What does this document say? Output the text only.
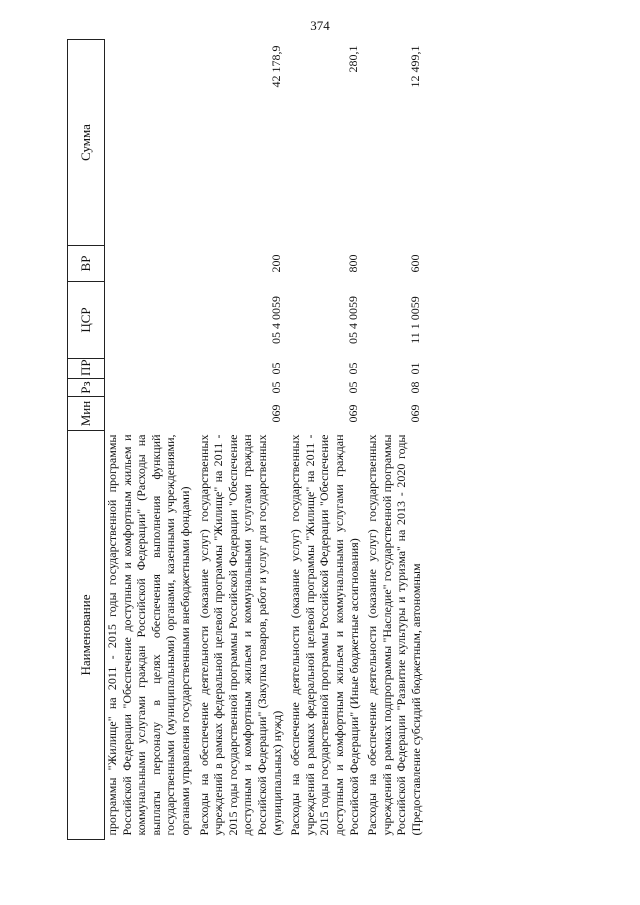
374
Наименование	Мин	Рз	ПР	ЦСР	ВР	Сумма
программы "Жилище" на 2011 - 2015 годы государственной программы Российской Федерации "Обеспечение доступным и комфортным жильем и коммунальными услугами граждан Российской Федерации" (Расходы на выплаты персоналу в целях обеспечения выполнения функций государственными (муниципальными) органами, казенными учреждениями, органами управления государственными внебюджетными фондами)						
Расходы на обеспечение деятельности (оказание услуг) государственных учреждений в рамках федеральной целевой программы "Жилище" на 2011 - 2015 годы государственной программы Российской Федерации "Обеспечение доступным и комфортным жильем и коммунальными услугами граждан Российской Федерации" (Закупка товаров, работ и услуг для государственных (муниципальных) нужд)	069	05	05	05 4 0059	200	42 178,9
Расходы на обеспечение деятельности (оказание услуг) государственных учреждений в рамках федеральной целевой программы "Жилище" на 2011 - 2015 годы государственной программы Российской Федерации "Обеспечение доступным и комфортным жильем и коммунальными услугами граждан Российской Федерации" (Иные бюджетные ассигнования)	069	05	05	05 4 0059	800	280,1
Расходы на обеспечение деятельности (оказание услуг) государственных учреждений в рамках подпрограммы "Наследие" государственной программы Российской Федерации "Развитие культуры и туризма" на 2013 - 2020 годы (Предоставление субсидий бюджетным, автономным	069	08	01	11 1 0059	600	12 499,1
